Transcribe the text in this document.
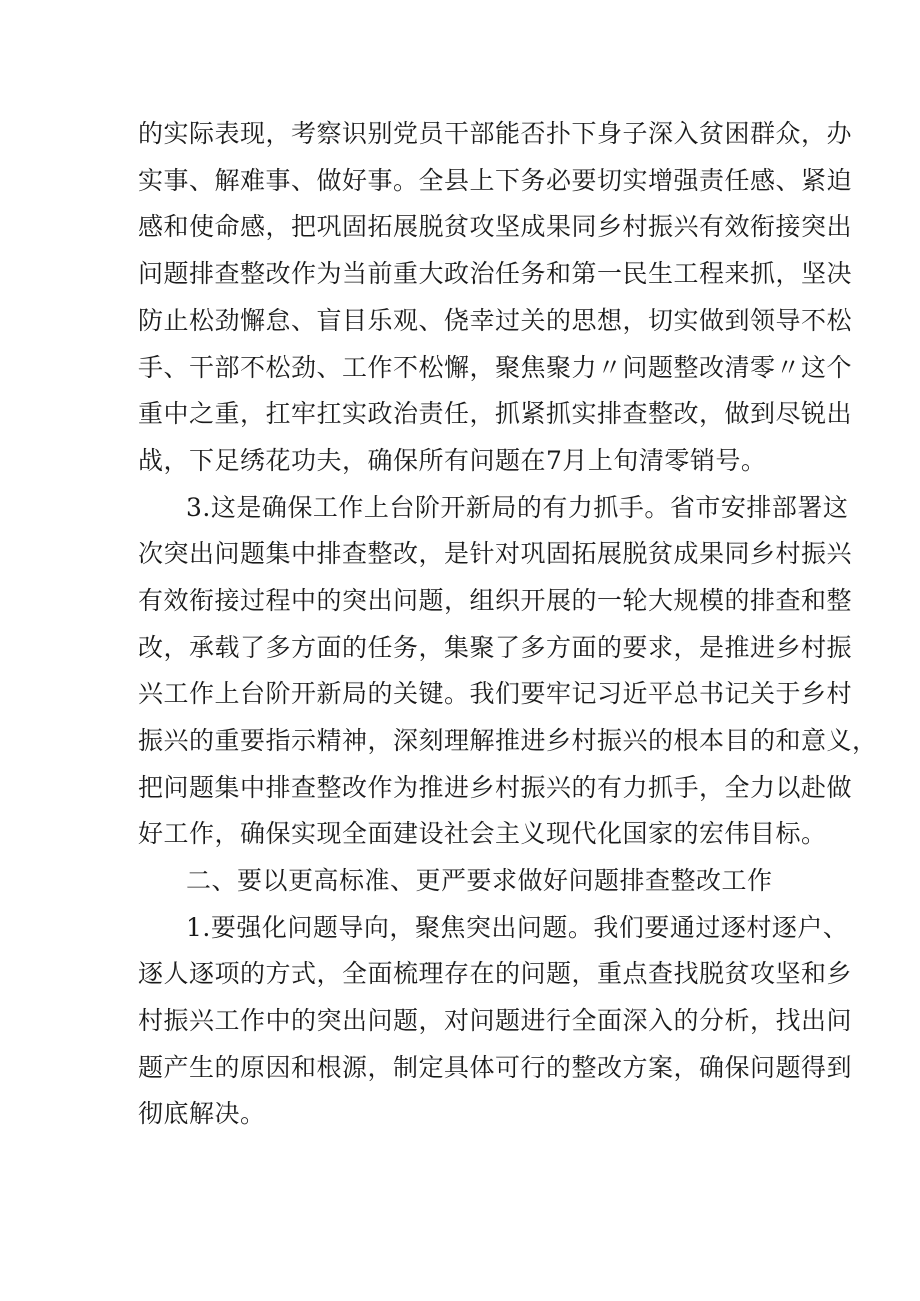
的实际表现，考察识别党员干部能否扑下身子深入贫困群众，办
实事、解难事、做好事。全县上下务必要切实增强责任感、紧迫
感和使命感，把巩固拓展脱贫攻坚成果同乡村振兴有效衔接突出
问题排查整改作为当前重大政治任务和第一民生工程来抓，坚决
防止松劲懈怠、盲目乐观、侥幸过关的思想，切实做到领导不松
手、干部不松劲、工作不松懈，聚焦聚力〃问题整改清零〃这个
重中之重，扛牢扛实政治责任，抓紧抓实排查整改，做到尽锐出
战，下足绣花功夫，确保所有问题在7月上旬清零销号。
3.这是确保工作上台阶开新局的有力抓手。省市安排部署这
次突出问题集中排查整改，是针对巩固拓展脱贫成果同乡村振兴
有效衔接过程中的突出问题，组织开展的一轮大规模的排查和整
改，承载了多方面的任务，集聚了多方面的要求，是推进乡村振
兴工作上台阶开新局的关键。我们要牢记习近平总书记关于乡村
振兴的重要指示精神，深刻理解推进乡村振兴的根本目的和意义，
把问题集中排查整改作为推进乡村振兴的有力抓手，全力以赴做
好工作，确保实现全面建设社会主义现代化国家的宏伟目标。
二、要以更高标准、更严要求做好问题排查整改工作
1.要强化问题导向，聚焦突出问题。我们要通过逐村逐户、
逐人逐项的方式，全面梳理存在的问题，重点查找脱贫攻坚和乡
村振兴工作中的突出问题，对问题进行全面深入的分析，找出问
题产生的原因和根源，制定具体可行的整改方案，确保问题得到
彻底解决。
